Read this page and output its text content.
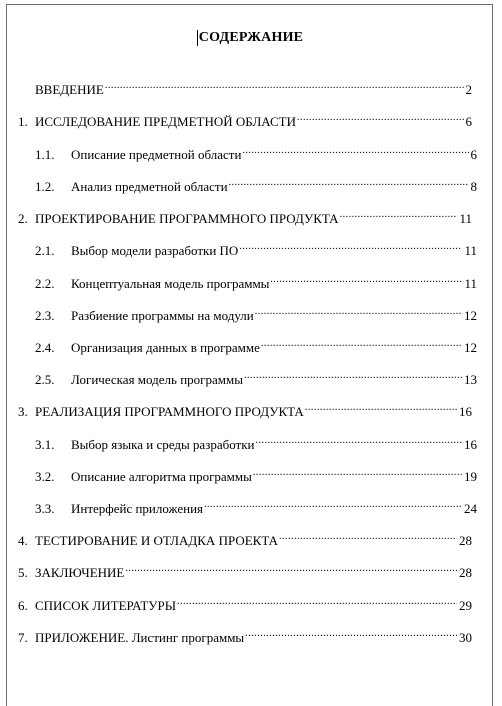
СОДЕРЖАНИЕ
ВВЕДЕНИЕ .....	2
1. ИССЛЕДОВАНИЕ ПРЕДМЕТНОЙ ОБЛАСТИ .....	6
1.1.	Описание предметной области .....	6
1.2.	Анализ предметной области .....	8
2. ПРОЕКТИРОВАНИЕ ПРОГРАММНОГО ПРОДУКТА .....	11
2.1.	Выбор модели разработки ПО .....	11
2.2.	Концептуальная модель программы .....	11
2.3.	Разбиение программы на модули .....	12
2.4.	Организация данных в программе .....	12
2.5.	Логическая модель программы .....	13
3. РЕАЛИЗАЦИЯ ПРОГРАММНОГО ПРОДУКТА .....	16
3.1.	Выбор языка и среды разработки .....	16
3.2.	Описание алгоритма программы .....	19
3.3.	Интерфейс приложения .....	24
4. ТЕСТИРОВАНИЕ И ОТЛАДКА ПРОЕКТА .....	28
5. ЗАКЛЮЧЕНИЕ .....	28
6. СПИСОК ЛИТЕРАТУРЫ .....	29
7. ПРИЛОЖЕНИЕ. Листинг программы .....	30
